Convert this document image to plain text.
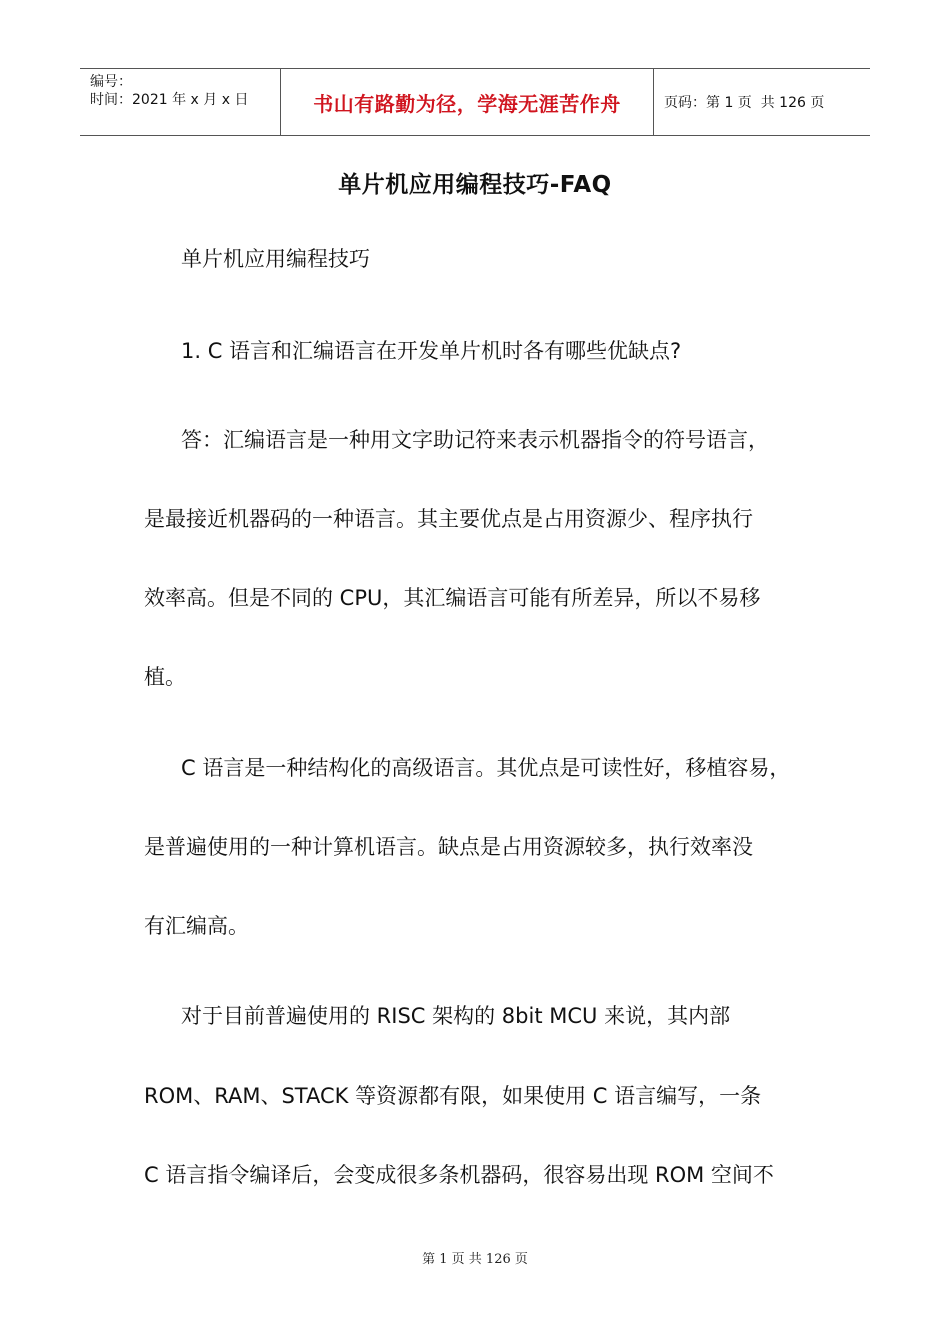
编号：
时间：2021 年 x 月 x 日	书山有路勤为径，学海无涯苦作舟	页码：第 1 页  共 126 页
单片机应用编程技巧-FAQ
单片机应用编程技巧
1. C 语言和汇编语言在开发单片机时各有哪些优缺点?
答：汇编语言是一种用文字助记符来表示机器指令的符号语言，
是最接近机器码的一种语言。其主要优点是占用资源少、程序执行
效率高。但是不同的 CPU，其汇编语言可能有所差异，所以不易移
植。
C 语言是一种结构化的高级语言。其优点是可读性好，移植容易，
是普遍使用的一种计算机语言。缺点是占用资源较多，执行效率没
有汇编高。
对于目前普遍使用的 RISC 架构的 8bit MCU 来说，其内部
ROM、RAM、STACK 等资源都有限，如果使用 C 语言编写，一条
C 语言指令编译后，会变成很多条机器码，很容易出现 ROM 空间不
第 1 页 共 126 页
